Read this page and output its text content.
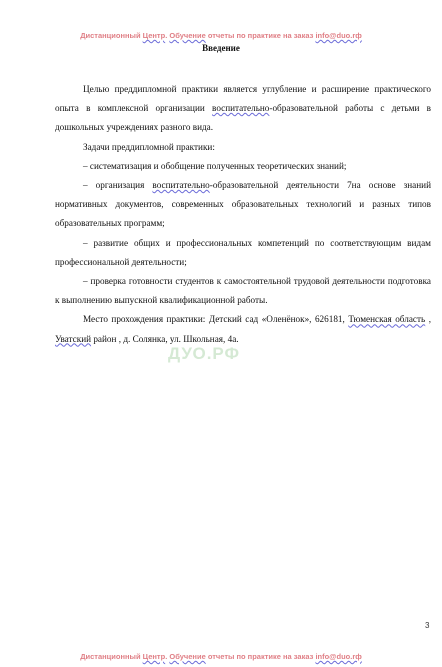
Дистанционный Центр. Обучение отчеты по практике на заказ info@duo.rф
Введение
ДУО.РФ

Целью преддипломной практики является углубление и расширение практического опыта в комплексной организации воспитательно-образовательной работы с детьми в дошкольных учреждениях разного вида.

Задачи преддипломной практики:

– систематизация и обобщение полученных теоретических знаний;

– организация воспитательно-образовательной деятельности 7на основе знаний нормативных документов, современных образовательных технологий и разных типов образовательных программ;

– развитие общих и профессиональных компетенций по соответствующим видам профессиональной деятельности;

– проверка готовности студентов к самостоятельной трудовой деятельности подготовка к выполнению выпускной квалификационной работы.

Место прохождения практики: Детский сад «Оленёнок», 626181, Тюменская область , Уватский район , д. Солянка, ул. Школьная, 4а.

3
Дистанционный Центр. Обучение отчеты по практике на заказ info@duo.rф
